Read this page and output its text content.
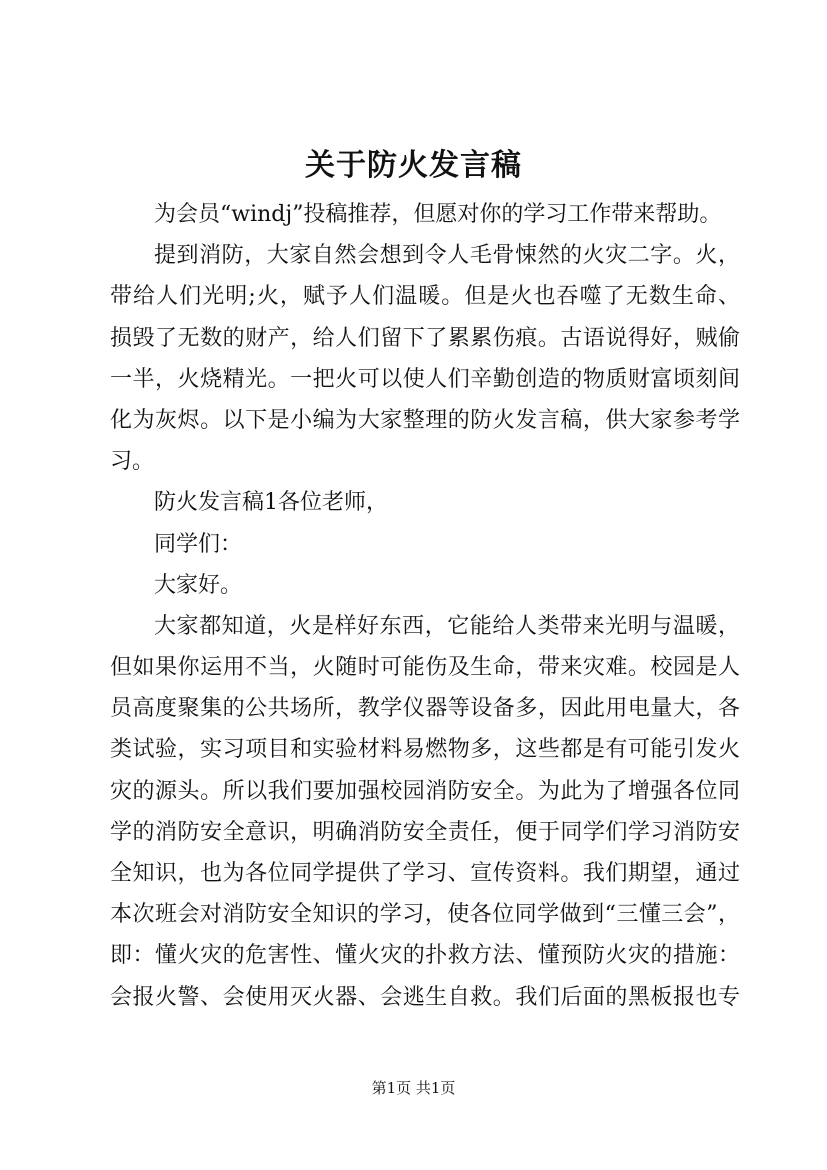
关于防火发言稿
为会员“windj”投稿推荐，但愿对你的学习工作带来帮助。
提到消防，大家自然会想到令人毛骨悚然的火灾二字。火，
带给人们光明;火，赋予人们温暖。但是火也吞噬了无数生命、
损毁了无数的财产，给人们留下了累累伤痕。古语说得好，贼偷
一半，火烧精光。一把火可以使人们辛勤创造的物质财富顷刻间
化为灰烬。以下是小编为大家整理的防火发言稿，供大家参考学
习。
防火发言稿1各位老师，
同学们：
大家好。
大家都知道，火是样好东西，它能给人类带来光明与温暖，
但如果你运用不当，火随时可能伤及生命，带来灾难。校园是人
员高度聚集的公共场所，教学仪器等设备多，因此用电量大，各
类试验，实习项目和实验材料易燃物多，这些都是有可能引发火
灾的源头。所以我们要加强校园消防安全。为此为了增强各位同
学的消防安全意识，明确消防安全责任，便于同学们学习消防安
全知识，也为各位同学提供了学习、宣传资料。我们期望，通过
本次班会对消防安全知识的学习，使各位同学做到“三懂三会”，
即：懂火灾的危害性、懂火灾的扑救方法、懂预防火灾的措施：
会报火警、会使用灭火器、会逃生自救。我们后面的黑板报也专
第1页 共1页
